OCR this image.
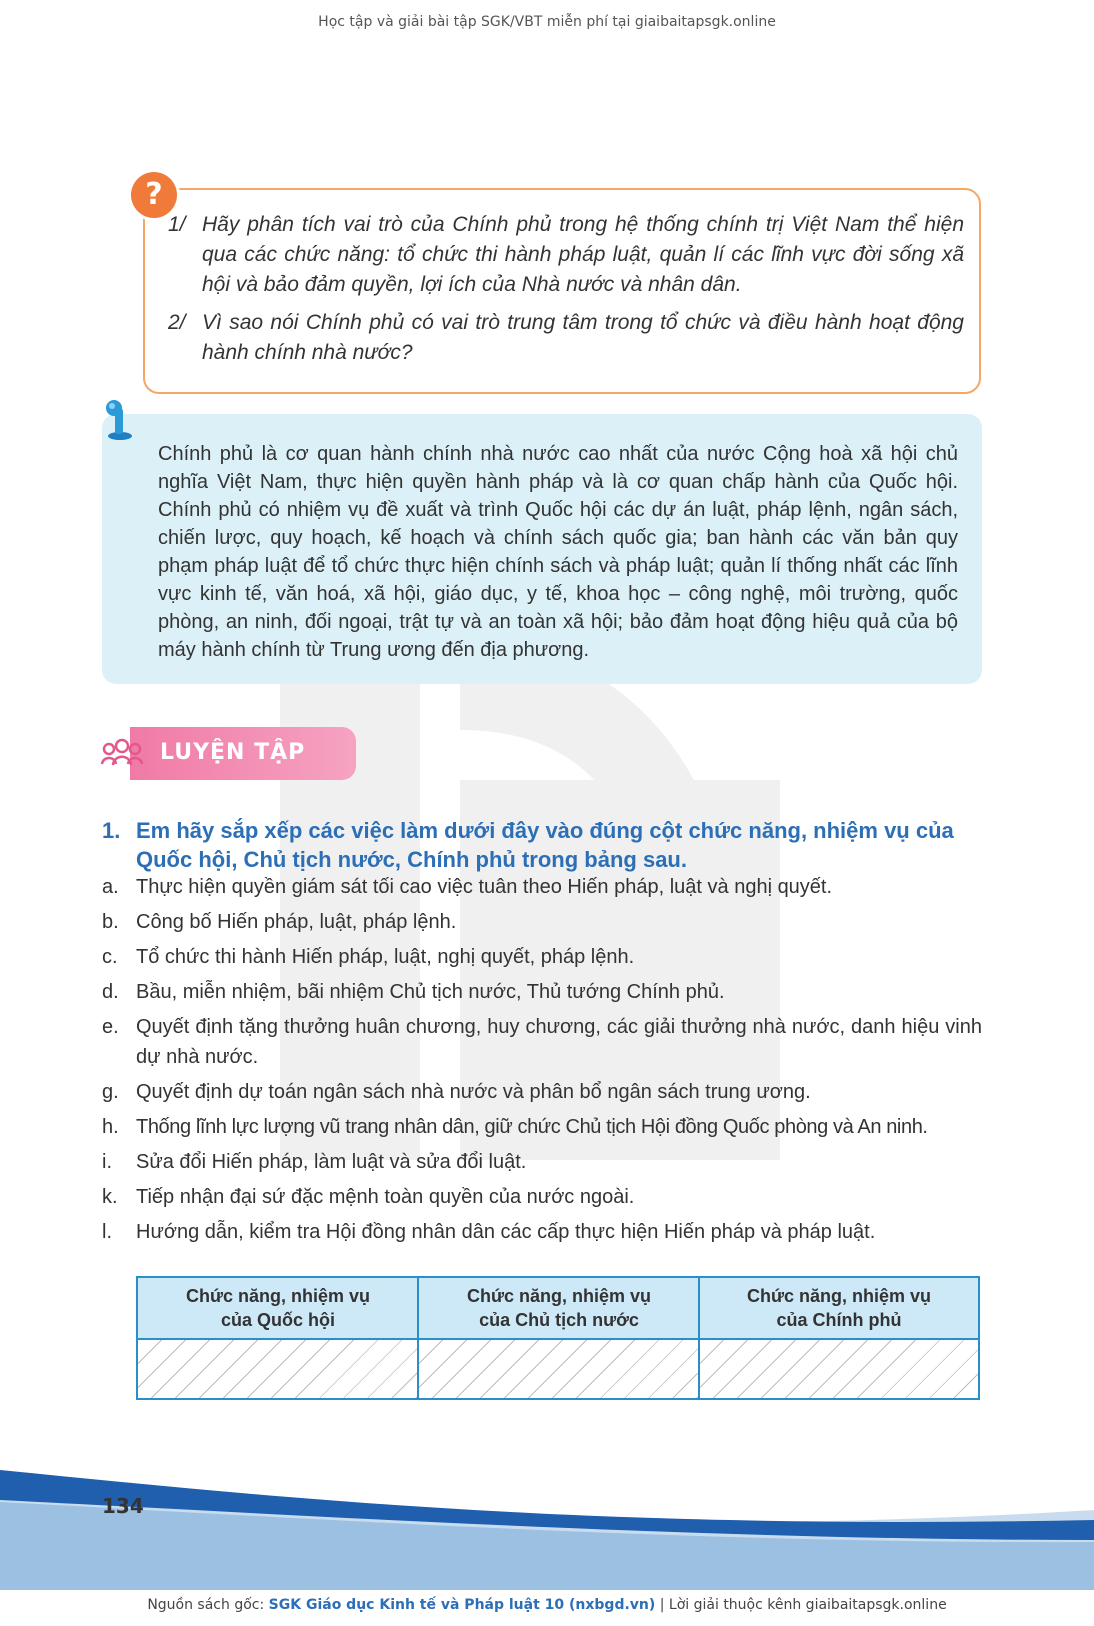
Học tập và giải bài tập SGK/VBT miễn phí tại giaibaitapsgk.online
?
1/ Hãy phân tích vai trò của Chính phủ trong hệ thống chính trị Việt Nam thể hiện qua các chức năng: tổ chức thi hành pháp luật, quản lí các lĩnh vực đời sống xã hội và bảo đảm quyền, lợi ích của Nhà nước và nhân dân.
2/ Vì sao nói Chính phủ có vai trò trung tâm trong tổ chức và điều hành hoạt động hành chính nhà nước?
Chính phủ là cơ quan hành chính nhà nước cao nhất của nước Cộng hoà xã hội chủ nghĩa Việt Nam, thực hiện quyền hành pháp và là cơ quan chấp hành của Quốc hội. Chính phủ có nhiệm vụ đề xuất và trình Quốc hội các dự án luật, pháp lệnh, ngân sách, chiến lược, quy hoạch, kế hoạch và chính sách quốc gia; ban hành các văn bản quy phạm pháp luật để tổ chức thực hiện chính sách và pháp luật; quản lí thống nhất các lĩnh vực kinh tế, văn hoá, xã hội, giáo dục, y tế, khoa học – công nghệ, môi trường, quốc phòng, an ninh, đối ngoại, trật tự và an toàn xã hội; bảo đảm hoạt động hiệu quả của bộ máy hành chính từ Trung ương đến địa phương.
LUYỆN TẬP
1. Em hãy sắp xếp các việc làm dưới đây vào đúng cột chức năng, nhiệm vụ của Quốc hội, Chủ tịch nước, Chính phủ trong bảng sau.
a. Thực hiện quyền giám sát tối cao việc tuân theo Hiến pháp, luật và nghị quyết.
b. Công bố Hiến pháp, luật, pháp lệnh.
c. Tổ chức thi hành Hiến pháp, luật, nghị quyết, pháp lệnh.
d. Bầu, miễn nhiệm, bãi nhiệm Chủ tịch nước, Thủ tướng Chính phủ.
e. Quyết định tặng thưởng huân chương, huy chương, các giải thưởng nhà nước, danh hiệu vinh dự nhà nước.
g. Quyết định dự toán ngân sách nhà nước và phân bổ ngân sách trung ương.
h. Thống lĩnh lực lượng vũ trang nhân dân, giữ chức Chủ tịch Hội đồng Quốc phòng và An ninh.
i. Sửa đổi Hiến pháp, làm luật và sửa đổi luật.
k. Tiếp nhận đại sứ đặc mệnh toàn quyền của nước ngoài.
l. Hướng dẫn, kiểm tra Hội đồng nhân dân các cấp thực hiện Hiến pháp và pháp luật.
Chức năng, nhiệm vụ
của Quốc hội
Chức năng, nhiệm vụ
của Chủ tịch nước
Chức năng, nhiệm vụ
của Chính phủ
134
Nguồn sách gốc: SGK Giáo dục Kinh tế và Pháp luật 10 (nxbgd.vn) | Lời giải thuộc kênh giaibaitapsgk.online
